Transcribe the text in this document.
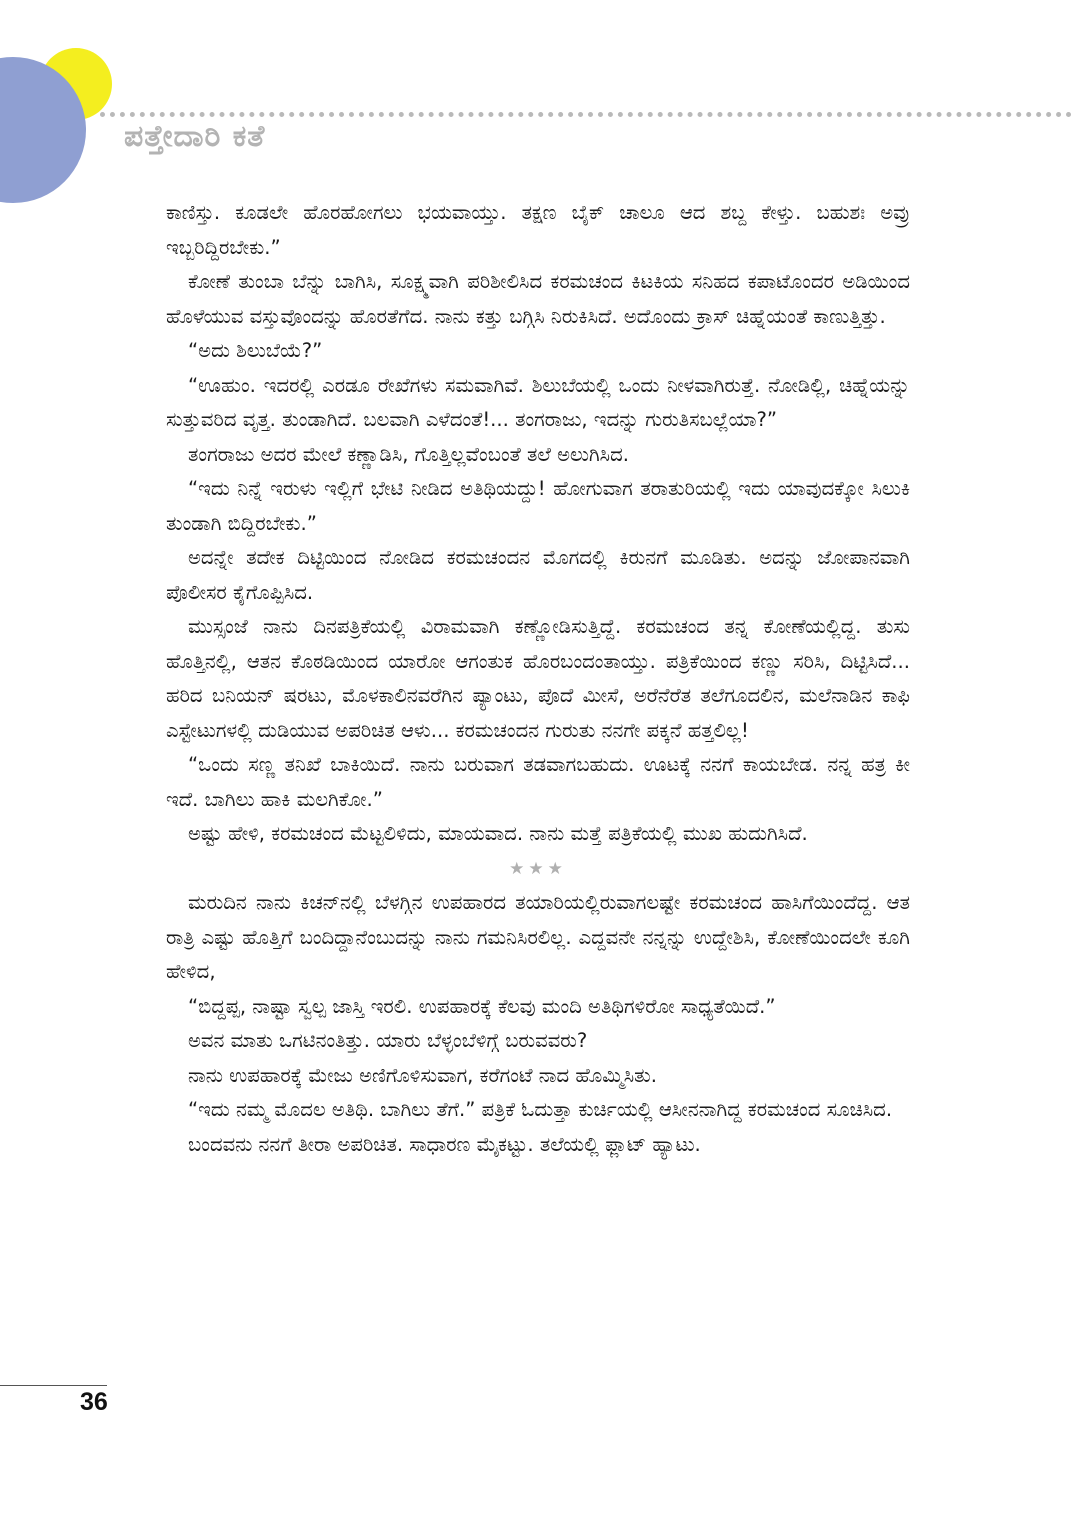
ಪತ್ತೇದಾರಿ ಕತೆ

ಕಾಣಿಸ್ತು. ಕೂಡಲೇ ಹೊರಹೋಗಲು ಭಯವಾಯ್ತು. ತಕ್ಷಣ ಬೈಕ್ ಚಾಲೂ ಆದ ಶಬ್ದ ಕೇಳ್ತು. ಬಹುಶಃ ಅವ್ರು ಇಬ್ಬರಿದ್ದಿರಬೇಕು.”

ಕೋಣೆ ತುಂಬಾ ಬೆನ್ನು ಬಾಗಿಸಿ, ಸೂಕ್ಷ್ಮವಾಗಿ ಪರಿಶೀಲಿಸಿದ ಕರಮಚಂದ ಕಿಟಕಿಯ ಸನಿಹದ ಕಪಾಟೊಂದರ ಅಡಿಯಿಂದ ಹೊಳೆಯುವ ವಸ್ತುವೊಂದನ್ನು ಹೊರತೆಗೆದ. ನಾನು ಕತ್ತು ಬಗ್ಗಿಸಿ ನಿರುಕಿಸಿದೆ. ಅದೊಂದು ಕ್ರಾಸ್ ಚಿಹ್ನೆಯಂತೆ ಕಾಣುತ್ತಿತ್ತು.

“ಅದು ಶಿಲುಬೆಯೆ?”

“ಊಹುಂ. ಇದರಲ್ಲಿ ಎರಡೂ ರೇಖೆಗಳು ಸಮವಾಗಿವೆ. ಶಿಲುಬೆಯಲ್ಲಿ ಒಂದು ನೀಳವಾಗಿರುತ್ತೆ. ನೋಡಿಲ್ಲಿ, ಚಿಹ್ನೆಯನ್ನು ಸುತ್ತುವರಿದ ವೃತ್ತ. ತುಂಡಾಗಿದೆ. ಬಲವಾಗಿ ಎಳೆದಂತೆ!... ತಂಗರಾಜು, ಇದನ್ನು ಗುರುತಿಸಬಲ್ಲೆಯಾ?”

ತಂಗರಾಜು ಅದರ ಮೇಲೆ ಕಣ್ಣಾಡಿಸಿ, ಗೊತ್ತಿಲ್ಲವೆಂಬಂತೆ ತಲೆ ಅಲುಗಿಸಿದ.

“ಇದು ನಿನ್ನೆ ಇರುಳು ಇಲ್ಲಿಗೆ ಭೇಟಿ ನೀಡಿದ ಅತಿಥಿಯದ್ದು! ಹೋಗುವಾಗ ತರಾತುರಿಯಲ್ಲಿ ಇದು ಯಾವುದಕ್ಕೋ ಸಿಲುಕಿ ತುಂಡಾಗಿ ಬಿದ್ದಿರಬೇಕು.”

ಅದನ್ನೇ ತದೇಕ ದಿಟ್ಟಿಯಿಂದ ನೋಡಿದ ಕರಮಚಂದನ ಮೊಗದಲ್ಲಿ ಕಿರುನಗೆ ಮೂಡಿತು. ಅದನ್ನು ಜೋಪಾನವಾಗಿ ಪೊಲೀಸರ ಕೈಗೊಪ್ಪಿಸಿದ.

ಮುಸ್ಸಂಜೆ ನಾನು ದಿನಪತ್ರಿಕೆಯಲ್ಲಿ ವಿರಾಮವಾಗಿ ಕಣ್ಣೋಡಿಸುತ್ತಿದ್ದೆ. ಕರಮಚಂದ ತನ್ನ ಕೋಣೆಯಲ್ಲಿದ್ದ. ತುಸು ಹೊತ್ತಿನಲ್ಲಿ, ಆತನ ಕೊಠಡಿಯಿಂದ ಯಾರೋ ಆಗಂತುಕ ಹೊರಬಂದಂತಾಯ್ತು. ಪತ್ರಿಕೆಯಿಂದ ಕಣ್ಣು ಸರಿಸಿ, ದಿಟ್ಟಿಸಿದೆ... ಹರಿದ ಬನಿಯನ್ ಷರಟು, ಮೊಳಕಾಲಿನವರೆಗಿನ ಪ್ಯಾಂಟು, ಪೊದೆ ಮೀಸೆ, ಅರೆನೆರೆತ ತಲೆಗೂದಲಿನ, ಮಲೆನಾಡಿನ ಕಾಫಿ ಎಸ್ಟೇಟುಗಳಲ್ಲಿ ದುಡಿಯುವ ಅಪರಿಚಿತ ಆಳು... ಕರಮಚಂದನ ಗುರುತು ನನಗೇ ಪಕ್ಕನೆ ಹತ್ತಲಿಲ್ಲ!

“ಒಂದು ಸಣ್ಣ ತನಿಖೆ ಬಾಕಿಯಿದೆ. ನಾನು ಬರುವಾಗ ತಡವಾಗಬಹುದು. ಊಟಕ್ಕೆ ನನಗೆ ಕಾಯಬೇಡ. ನನ್ನ ಹತ್ರ ಕೀ ಇದೆ. ಬಾಗಿಲು ಹಾಕಿ ಮಲಗಿಕೋ.”

ಅಷ್ಟು ಹೇಳಿ, ಕರಮಚಂದ ಮೆಟ್ಟಲಿಳಿದು, ಮಾಯವಾದ. ನಾನು ಮತ್ತೆ ಪತ್ರಿಕೆಯಲ್ಲಿ ಮುಖ ಹುದುಗಿಸಿದೆ.

★★★

ಮರುದಿನ ನಾನು ಕಿಚನ್‌ನಲ್ಲಿ ಬೆಳಗ್ಗಿನ ಉಪಹಾರದ ತಯಾರಿಯಲ್ಲಿರುವಾಗಲಷ್ಟೇ ಕರಮಚಂದ ಹಾಸಿಗೆಯಿಂದೆದ್ದ. ಆತ ರಾತ್ರಿ ಎಷ್ಟು ಹೊತ್ತಿಗೆ ಬಂದಿದ್ದಾನೆಂಬುದನ್ನು ನಾನು ಗಮನಿಸಿರಲಿಲ್ಲ. ಎದ್ದವನೇ ನನ್ನನ್ನು ಉದ್ದೇಶಿಸಿ, ಕೋಣೆಯಿಂದಲೇ ಕೂಗಿ ಹೇಳಿದ,

“ಬಿದ್ದಪ್ಪ, ನಾಷ್ಟಾ ಸ್ವಲ್ಪ ಜಾಸ್ತಿ ಇರಲಿ. ಉಪಹಾರಕ್ಕೆ ಕೆಲವು ಮಂದಿ ಅತಿಥಿಗಳಿರೋ ಸಾಧ್ಯತೆಯಿದೆ.”

ಅವನ ಮಾತು ಒಗಟಿನಂತಿತ್ತು. ಯಾರು ಬೆಳ್ಳಂಬೆಳಿಗ್ಗೆ ಬರುವವರು?

ನಾನು ಉಪಹಾರಕ್ಕೆ ಮೇಜು ಅಣಿಗೊಳಿಸುವಾಗ, ಕರೆಗಂಟೆ ನಾದ ಹೊಮ್ಮಿಸಿತು.

“ಇದು ನಮ್ಮ ಮೊದಲ ಅತಿಥಿ. ಬಾಗಿಲು ತೆಗೆ.” ಪತ್ರಿಕೆ ಓದುತ್ತಾ ಕುರ್ಚಿಯಲ್ಲಿ ಆಸೀನನಾಗಿದ್ದ ಕರಮಚಂದ ಸೂಚಿಸಿದ.

ಬಂದವನು ನನಗೆ ತೀರಾ ಅಪರಿಚಿತ. ಸಾಧಾರಣ ಮೈಕಟ್ಟು. ತಲೆಯಲ್ಲಿ ಫ್ಲಾಟ್ ಹ್ಯಾಟು.

36
